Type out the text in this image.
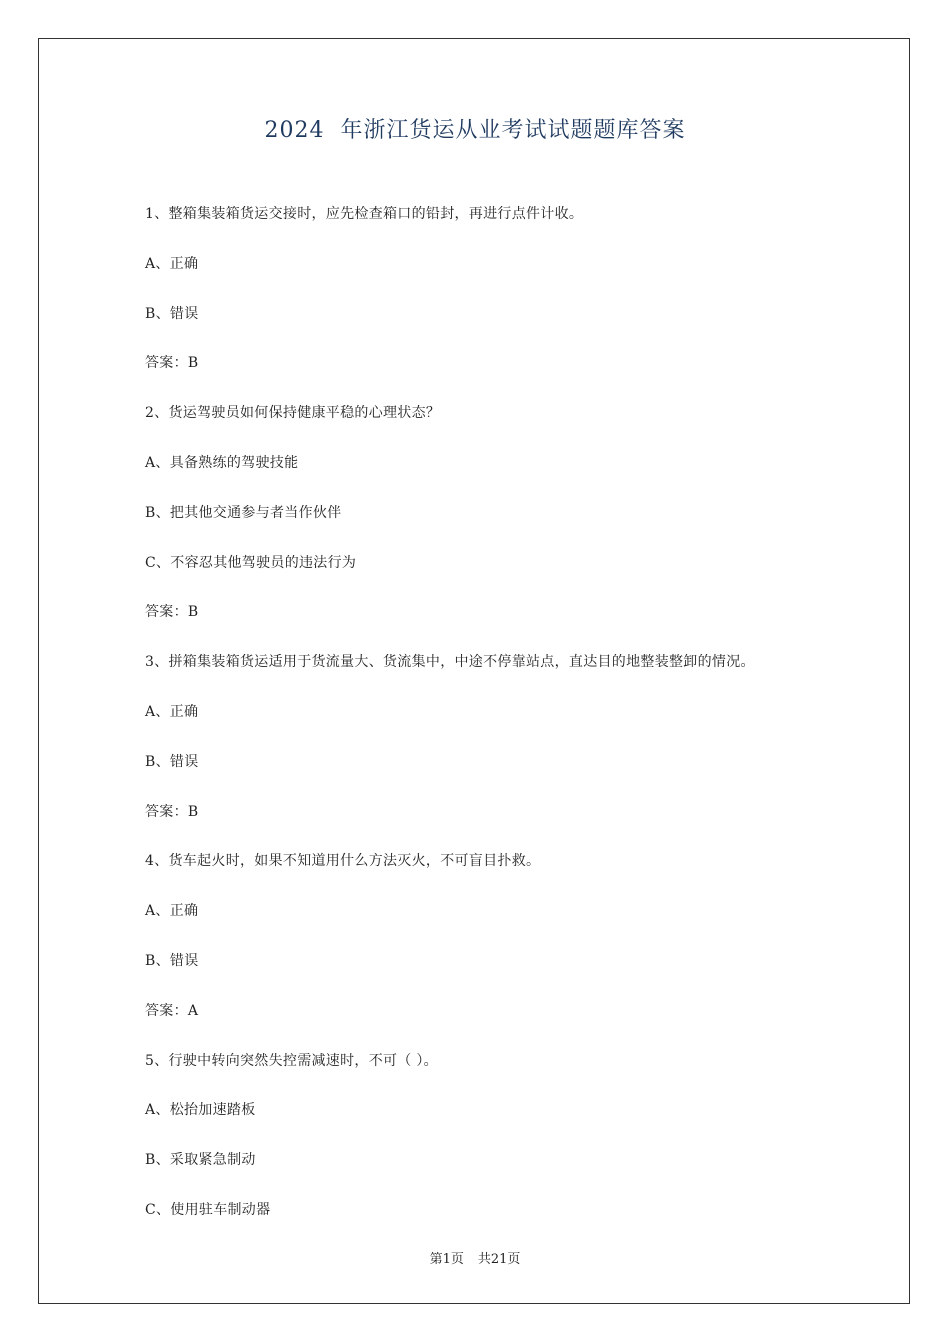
2024  年浙江货运从业考试试题题库答案
1、整箱集装箱货运交接时，应先检查箱口的铅封，再进行点件计收。
A、正确
B、错误
答案：B
2、货运驾驶员如何保持健康平稳的心理状态？
A、具备熟练的驾驶技能
B、把其他交通参与者当作伙伴
C、不容忍其他驾驶员的违法行为
答案：B
3、拼箱集装箱货运适用于货流量大、货流集中，中途不停靠站点，直达目的地整装整卸的情况。
A、正确
B、错误
答案：B
4、货车起火时，如果不知道用什么方法灭火，不可盲目扑救。
A、正确
B、错误
答案：A
5、行驶中转向突然失控需减速时，不可（ ）。
A、松抬加速踏板
B、采取紧急制动
C、使用驻车制动器
第1页 共21页
